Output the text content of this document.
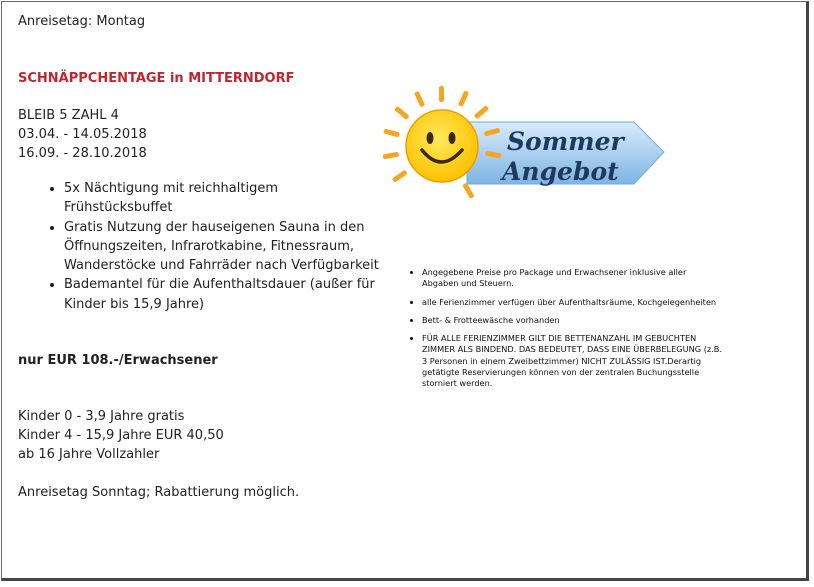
Anreisetag: Montag
SCHNÄPPCHENTAGE in MITTERNDORF
BLEIB 5 ZAHL 4
03.04. - 14.05.2018
16.09. - 28.10.2018
• 5x Nächtigung mit reichhaltigem Frühstücksbuffet
• Gratis Nutzung der hauseigenen Sauna in den Öffnungszeiten, Infrarotkabine, Fitnessraum, Wanderstöcke und Fahrräder nach Verfügbarkeit
• Bademantel für die Aufenthaltsdauer (außer für Kinder bis 15,9 Jahre)
nur EUR 108.-/Erwachsener
Kinder 0 - 3,9 Jahre gratis
Kinder 4 - 15,9 Jahre EUR 40,50
ab 16 Jahre Vollzahler
Anreisetag Sonntag; Rabattierung möglich.
Sommer
Angebot
• Angegebene Preise pro Package und Erwachsener inklusive aller Abgaben und Steuern.
• alle Ferienzimmer verfügen über Aufenthaltsräume, Kochgelegenheiten
• Bett- & Frotteewäsche vorhanden
• FÜR ALLE FERIENZIMMER GILT DIE BETTENANZAHL IM GEBUCHTEN ZIMMER ALS BINDEND. DAS BEDEUTET, DASS EINE ÜBERBELEGUNG (z.B. 3 Personen in einem Zweibettzimmer) NICHT ZULÄSSIG IST.Derartig getätigte Reservierungen können von der zentralen Buchungsstelle storniert werden.
